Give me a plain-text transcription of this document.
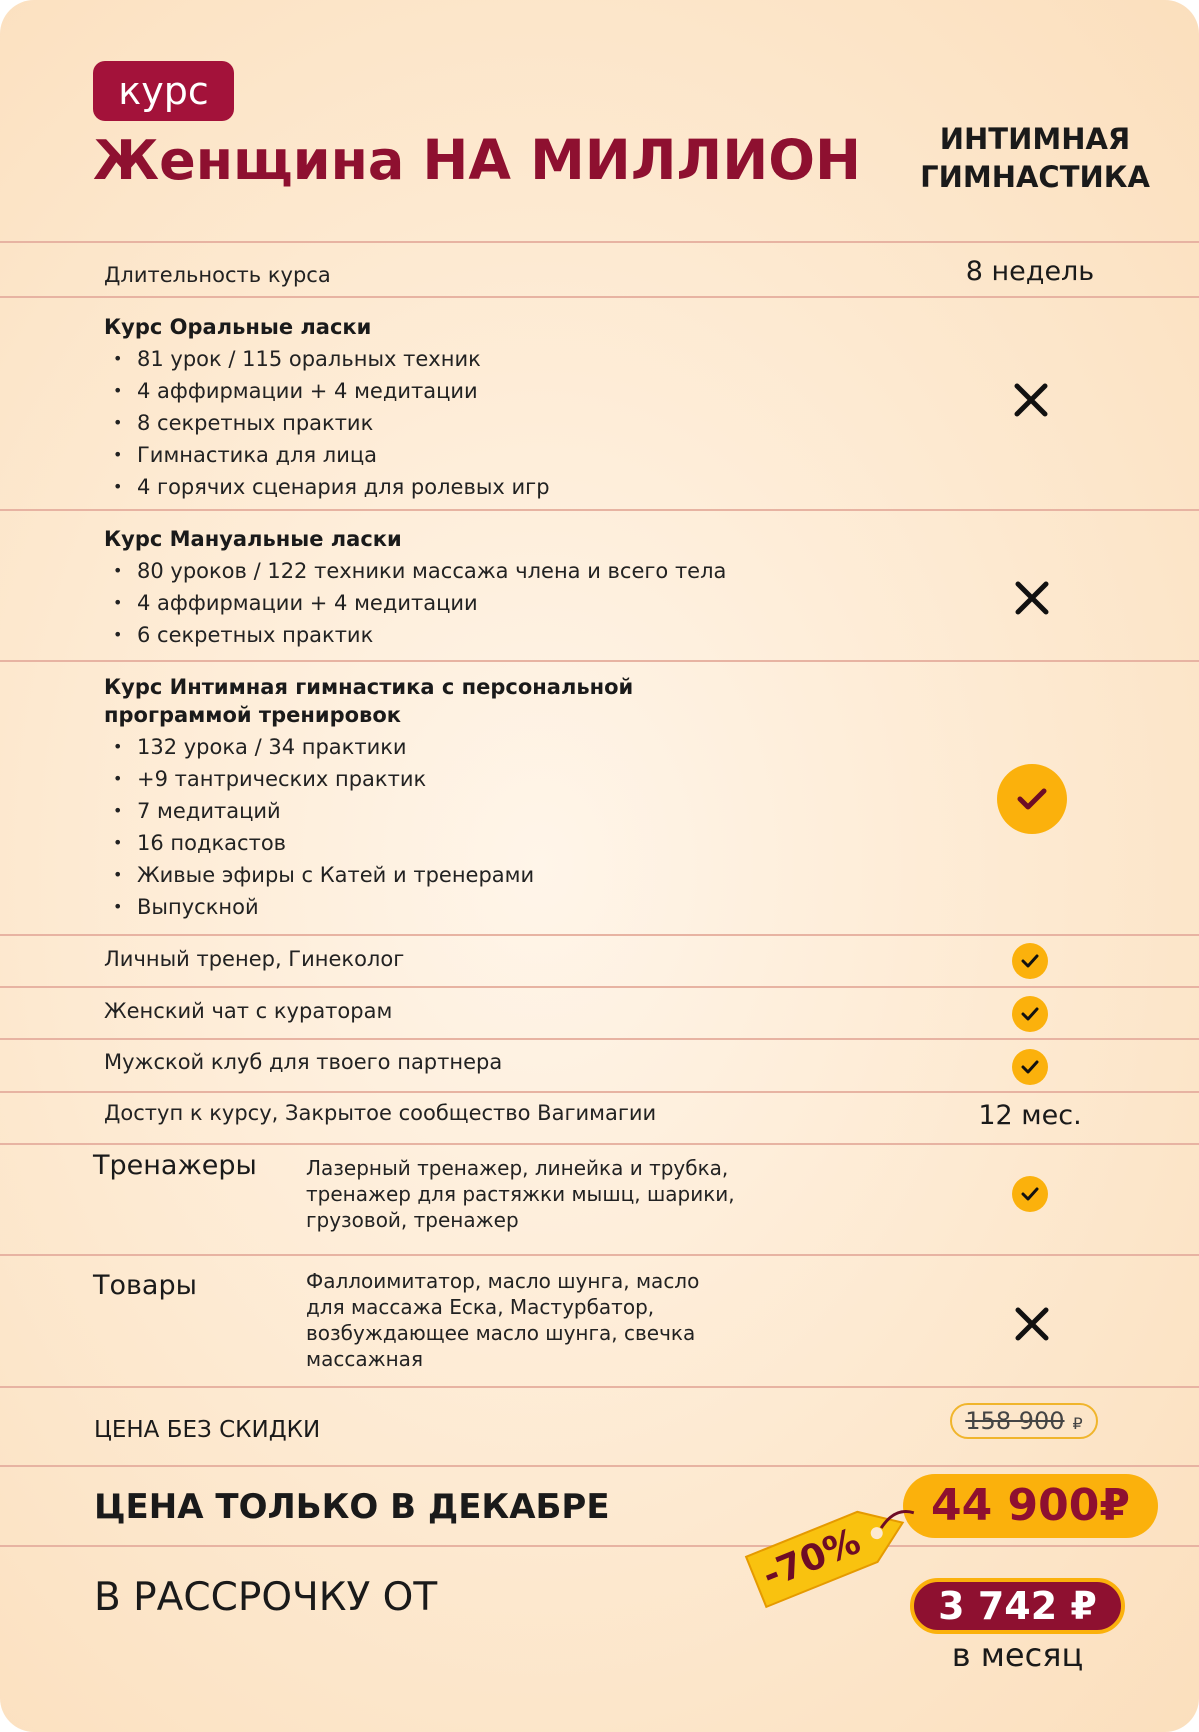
курс
Женщина НА МИЛЛИОН	ИНТИМНАЯ
ГИМНАСТИКА
Длительность курса	8 недель
Курс Оральные ласки
• 81 урок / 115 оральных техник
• 4 аффирмации + 4 медитации
• 8 секретных практик
• Гимнастика для лица
• 4 горячих сценария для ролевых игр
Курс Мануальные ласки
• 80 уроков / 122 техники массажа члена и всего тела
• 4 аффирмации + 4 медитации
• 6 секретных практик
Курс Интимная гимнастика с персональной
программой тренировок
• 132 урока / 34 практики
• +9 тантрических практик
• 7 медитаций
• 16 подкастов
• Живые эфиры с Катей и тренерами
• Выпускной
Личный тренер, Гинеколог
Женский чат с кураторам
Мужской клуб для твоего партнера
Доступ к курсу, Закрытое сообщество Вагимагии	12 мес.
Тренажеры Лазерный тренажер, линейка и трубка, тренажер для растяжки мышц, шарики, грузовой, тренажер
Товары	Фаллоимитатор, масло шунга, масло для массажа Еска, Мастурбатор, возбуждающее масло шунга, свечка массажная
ЦЕНА БЕЗ СКИДКИ	158 900 ₽
ЦЕНА ТОЛЬКО В ДЕКАБРЕ	44 900₽
-70%
В РАССРОЧКУ ОТ	3 742 ₽
в месяц
